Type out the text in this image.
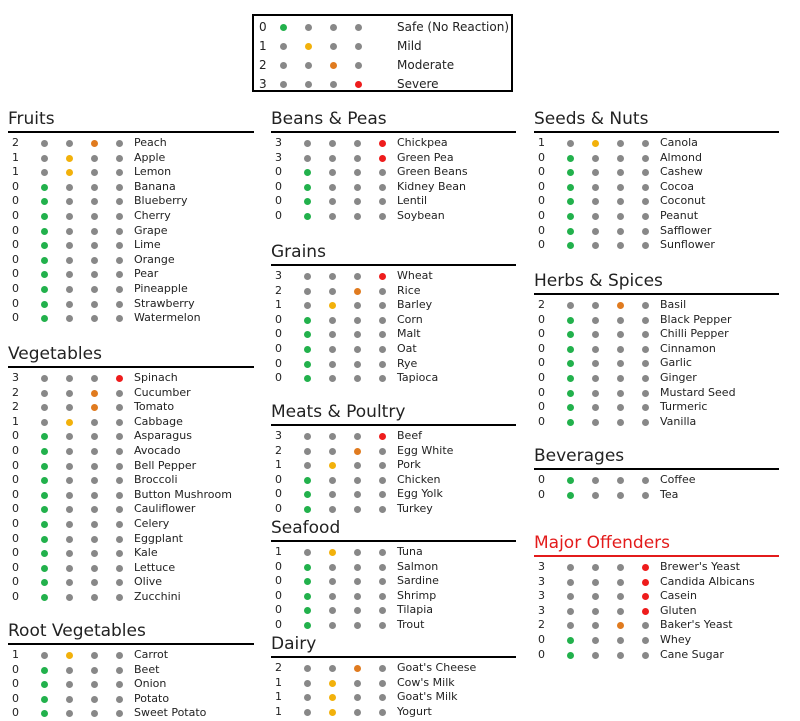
0	Safe (No Reaction)
1	Mild
2	Moderate
3	Severe
Fruits
2	Peach
1	Apple
1	Lemon
0	Banana
0	Blueberry
0	Cherry
0	Grape
0	Lime
0	Orange
0	Pear
0	Pineapple
0	Strawberry
0	Watermelon
Vegetables
3	Spinach
2	Cucumber
2	Tomato
1	Cabbage
0	Asparagus
0	Avocado
0	Bell Pepper
0	Broccoli
0	Button Mushroom
0	Cauliflower
0	Celery
0	Eggplant
0	Kale
0	Lettuce
0	Olive
0	Zucchini
Root Vegetables
1	Carrot
0	Beet
0	Onion
0	Potato
0	Sweet Potato
Beans & Peas
3	Chickpea
3	Green Pea
0	Green Beans
0	Kidney Bean
0	Lentil
0	Soybean
Grains
3	Wheat
2	Rice
1	Barley
0	Corn
0	Malt
0	Oat
0	Rye
0	Tapioca
Meats & Poultry
3	Beef
2	Egg White
1	Pork
0	Chicken
0	Egg Yolk
0	Turkey
Seafood
1	Tuna
0	Salmon
0	Sardine
0	Shrimp
0	Tilapia
0	Trout
Dairy
2	Goat's Cheese
1	Cow's Milk
1	Goat's Milk
1	Yogurt
Seeds & Nuts
1	Canola
0	Almond
0	Cashew
0	Cocoa
0	Coconut
0	Peanut
0	Safflower
0	Sunflower
Herbs & Spices
2	Basil
0	Black Pepper
0	Chilli Pepper
0	Cinnamon
0	Garlic
0	Ginger
0	Mustard Seed
0	Turmeric
0	Vanilla
Beverages
0	Coffee
0	Tea
Major Offenders
3	Brewer's Yeast
3	Candida Albicans
3	Casein
3	Gluten
2	Baker's Yeast
0	Whey
0	Cane Sugar
